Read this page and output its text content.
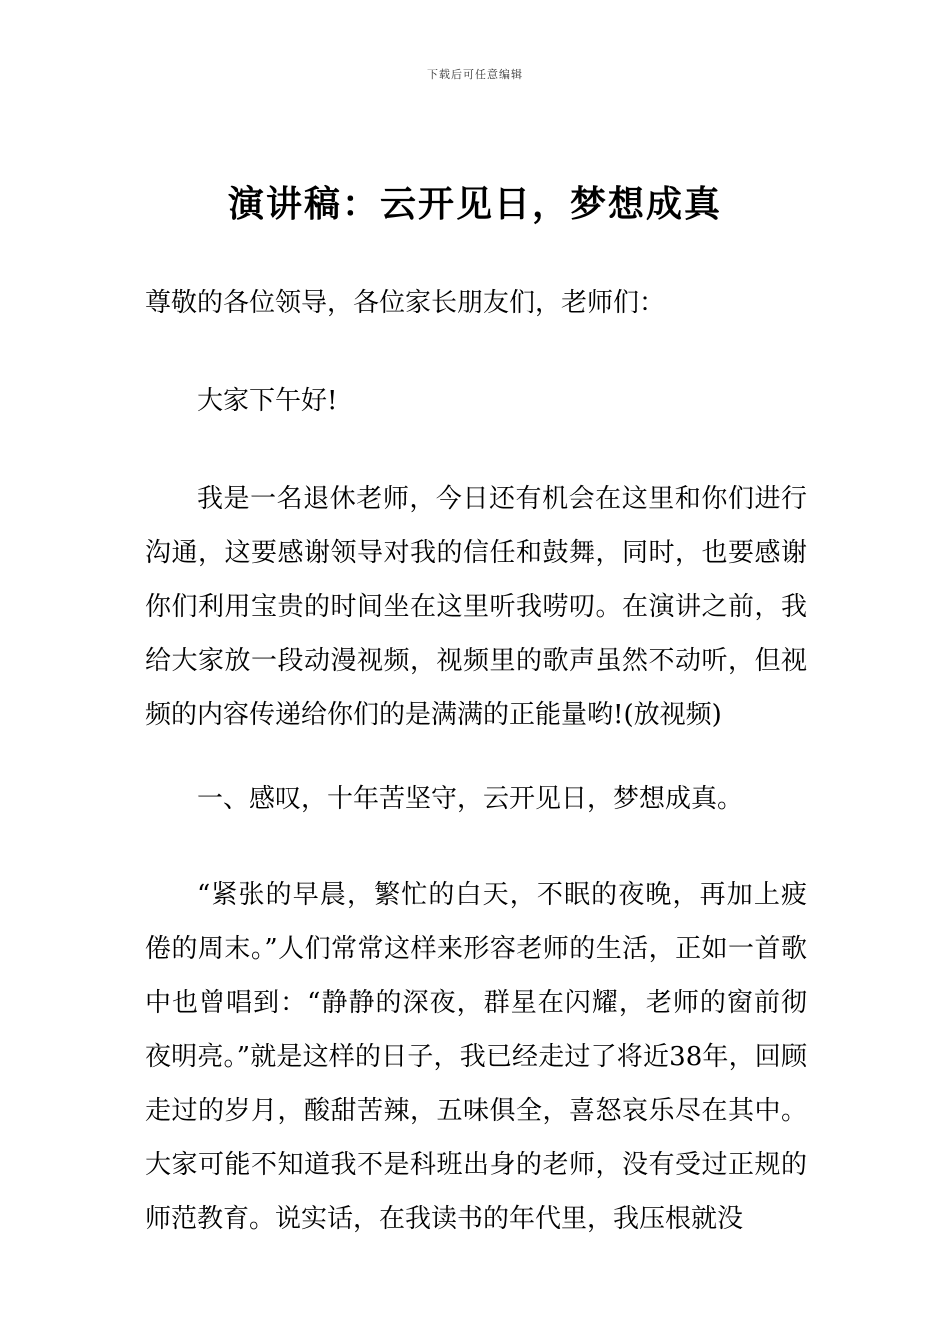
下载后可任意编辑
演讲稿：云开见日，梦想成真

尊敬的各位领导，各位家长朋友们，老师们：

大家下午好!

我是一名退休老师，今日还有机会在这里和你们进行沟通，这要感谢领导对我的信任和鼓舞，同时，也要感谢你们利用宝贵的时间坐在这里听我唠叨。在演讲之前，我给大家放一段动漫视频，视频里的歌声虽然不动听，但视频的内容传递给你们的是满满的正能量哟!(放视频)

一、感叹，十年苦坚守，云开见日，梦想成真。

“紧张的早晨，繁忙的白天，不眠的夜晚，再加上疲倦的周末。”人们常常这样来形容老师的生活，正如一首歌中也曾唱到：“静静的深夜，群星在闪耀，老师的窗前彻夜明亮。”就是这样的日子，我已经走过了将近38年，回顾走过的岁月，酸甜苦辣，五味俱全，喜怒哀乐尽在其中。大家可能不知道我不是科班出身的老师，没有受过正规的师范教育。说实话，在我读书的年代里，我压根就没
